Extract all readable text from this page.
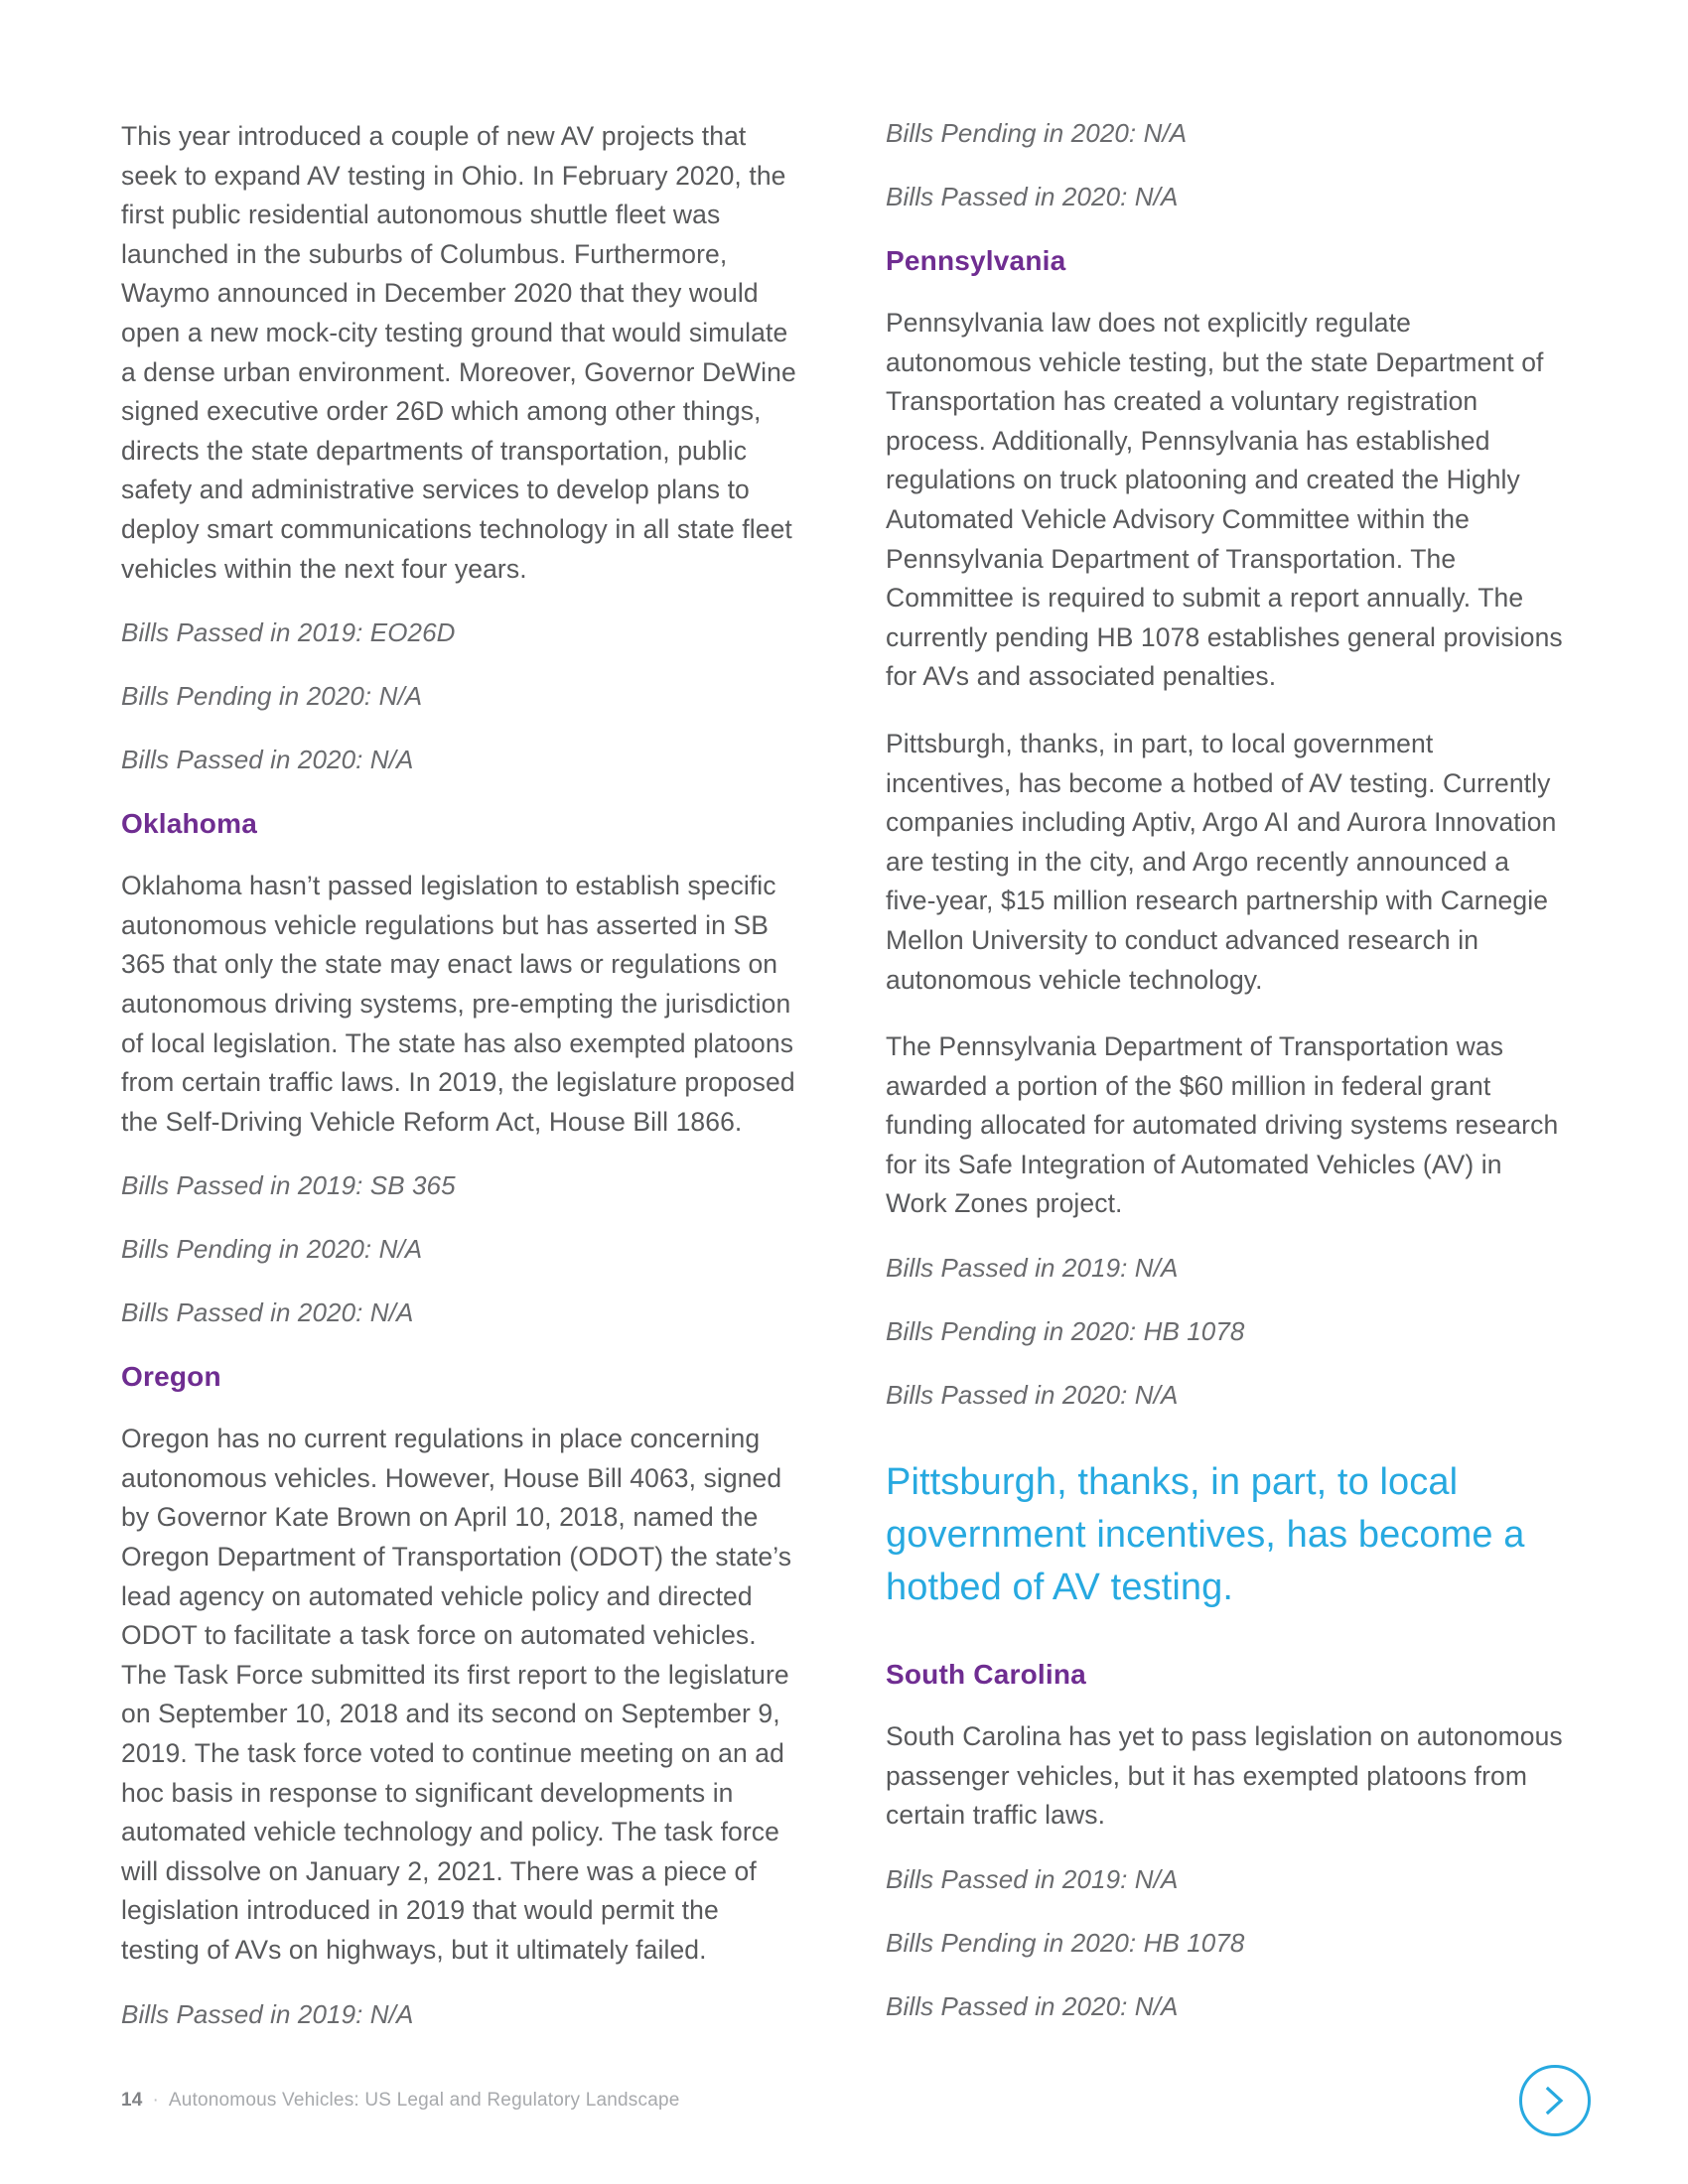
This year introduced a couple of new AV projects that seek to expand AV testing in Ohio. In February 2020, the first public residential autonomous shuttle fleet was launched in the suburbs of Columbus. Furthermore, Waymo announced in December 2020 that they would open a new mock-city testing ground that would simulate a dense urban environment. Moreover, Governor DeWine signed executive order 26D which among other things, directs the state departments of transportation, public safety and administrative services to develop plans to deploy smart communications technology in all state fleet vehicles within the next four years.

Bills Passed in 2019: EO26D

Bills Pending in 2020: N/A

Bills Passed in 2020: N/A

Oklahoma

Oklahoma hasn’t passed legislation to establish specific autonomous vehicle regulations but has asserted in SB 365 that only the state may enact laws or regulations on autonomous driving systems, pre-empting the jurisdiction of local legislation. The state has also exempted platoons from certain traffic laws. In 2019, the legislature proposed the Self-Driving Vehicle Reform Act, House Bill 1866.

Bills Passed in 2019: SB 365

Bills Pending in 2020: N/A

Bills Passed in 2020: N/A

Oregon

Oregon has no current regulations in place concerning autonomous vehicles. However, House Bill 4063, signed by Governor Kate Brown on April 10, 2018, named the Oregon Department of Transportation (ODOT) the state’s lead agency on automated vehicle policy and directed ODOT to facilitate a task force on automated vehicles. The Task Force submitted its first report to the legislature on September 10, 2018 and its second on September 9, 2019. The task force voted to continue meeting on an ad hoc basis in response to significant developments in automated vehicle technology and policy. The task force will dissolve on January 2, 2021. There was a piece of legislation introduced in 2019 that would permit the testing of AVs on highways, but it ultimately failed.

Bills Passed in 2019: N/A

Bills Pending in 2020: N/A

Bills Passed in 2020: N/A

Pennsylvania

Pennsylvania law does not explicitly regulate autonomous vehicle testing, but the state Department of Transportation has created a voluntary registration process. Additionally, Pennsylvania has established regulations on truck platooning and created the Highly Automated Vehicle Advisory Committee within the Pennsylvania Department of Transportation. The Committee is required to submit a report annually. The currently pending HB 1078 establishes general provisions for AVs and associated penalties.

Pittsburgh, thanks, in part, to local government incentives, has become a hotbed of AV testing. Currently companies including Aptiv, Argo AI and Aurora Innovation are testing in the city, and Argo recently announced a five-year, $15 million research partnership with Carnegie Mellon University to conduct advanced research in autonomous vehicle technology.

The Pennsylvania Department of Transportation was awarded a portion of the $60 million in federal grant funding allocated for automated driving systems research for its Safe Integration of Automated Vehicles (AV) in Work Zones project.

Bills Passed in 2019: N/A

Bills Pending in 2020: HB 1078

Bills Passed in 2020: N/A

Pittsburgh, thanks, in part, to local government incentives, has become a hotbed of AV testing.
South Carolina

South Carolina has yet to pass legislation on autonomous passenger vehicles, but it has exempted platoons from certain traffic laws.

Bills Passed in 2019: N/A

Bills Pending in 2020: HB 1078

Bills Passed in 2020: N/A

14 · Autonomous Vehicles: US Legal and Regulatory Landscape
